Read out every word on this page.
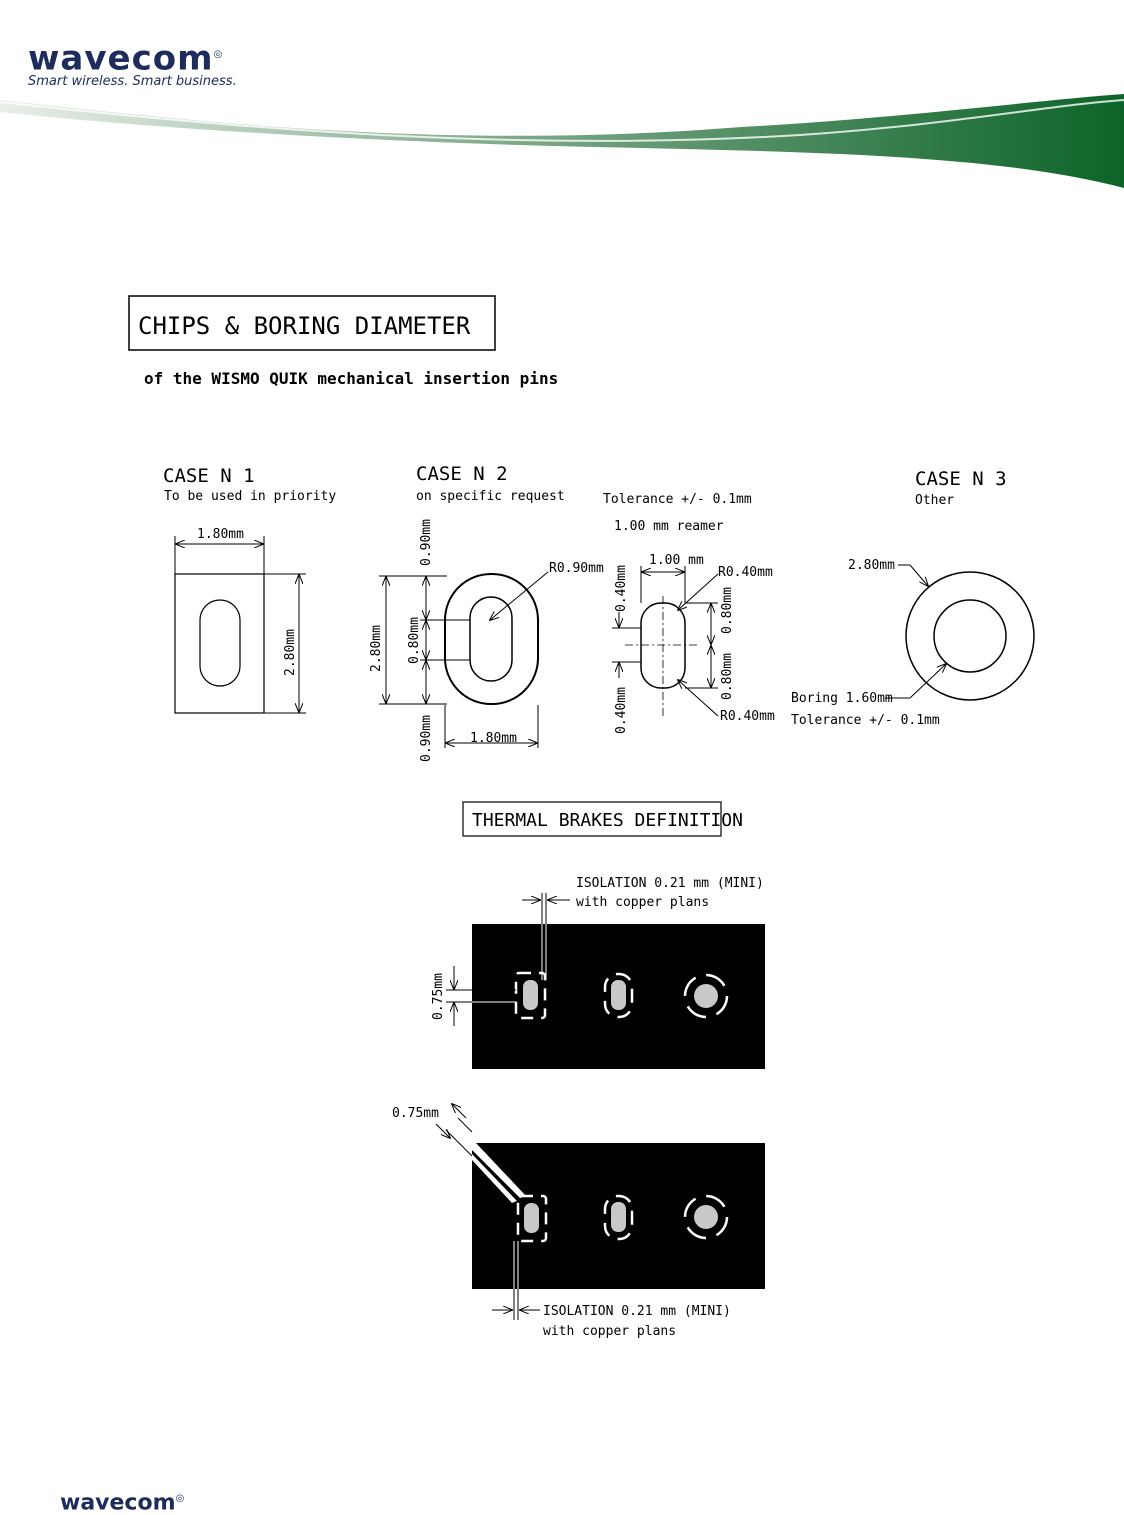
wavecom◎
Smart wireless. Smart business.
CHIPS & BORING DIAMETER
of the WISMO QUIK mechanical insertion pins
CASE N 1
To be used in priority
1.80mm
2.80mm
CASE N 2
on specific request
R0.90mm
2.80mm
0.90mm
0.80mm
0.90mm	1.80mm
Tolerance +/- 0.1mm
1.00 mm reamer
1.00 mm
R0.40mm
R0.40mm
0.80mm
0.80mm
0.40mm
0.40mm
CASE N 3
Other
2.80mm
Boring 1.60mm
Tolerance +/- 0.1mm
THERMAL BRAKES DEFINITION
ISOLATION 0.21 mm (MINI)
with copper plans
0.75mm
0.75mm
ISOLATION 0.21 mm (MINI)
with copper plans
wavecom◎
